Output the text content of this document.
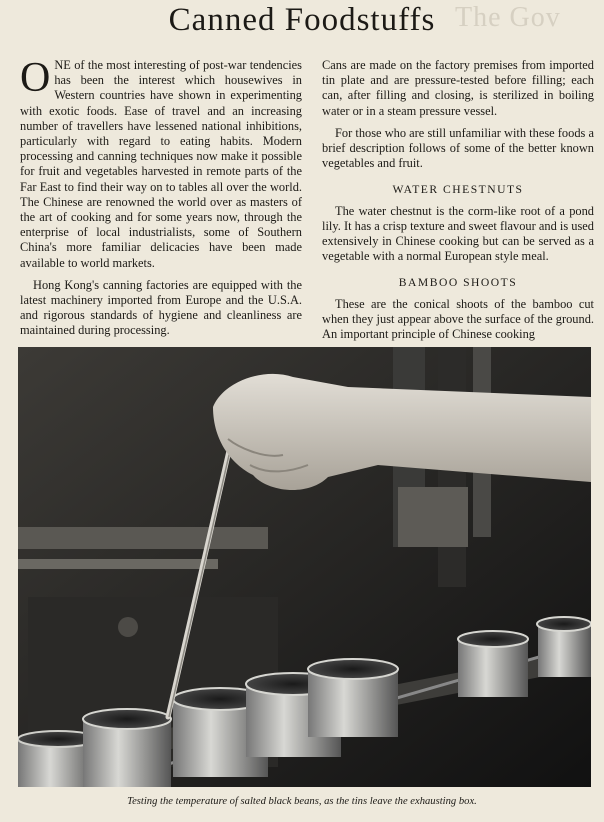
The Gov
Canned Foodstuffs

ONE of the most interesting of post-war tendencies has been the interest which housewives in Western countries have shown in experimenting with exotic foods. Ease of travel and an increasing number of travellers have lessened national inhibitions, particularly with regard to eating habits. Modern processing and canning techniques now make it possible for fruit and vegetables harvested in remote parts of the Far East to find their way on to tables all over the world. The Chinese are renowned the world over as masters of the art of cooking and for some years now, through the enterprise of local industrialists, some of Southern China's more familiar delicacies have been made available to world markets.

Hong Kong's canning factories are equipped with the latest machinery imported from Europe and the U.S.A. and rigorous standards of hygiene and cleanliness are maintained during processing.

Cans are made on the factory premises from imported tin plate and are pressure-tested before filling; each can, after filling and closing, is sterilized in boiling water or in a steam pressure vessel.

For those who are still unfamiliar with these foods a brief description follows of some of the better known vegetables and fruit.

WATER CHESTNUTS

The water chestnut is the corm-like root of a pond lily. It has a crisp texture and sweet flavour and is used extensively in Chinese cooking but can be served as a vegetable with a normal European style meal.

BAMBOO SHOOTS

These are the conical shoots of the bamboo cut when they just appear above the surface of the ground. An important principle of Chinese cooking

Testing the temperature of salted black beans, as the tins leave the exhausting box.
